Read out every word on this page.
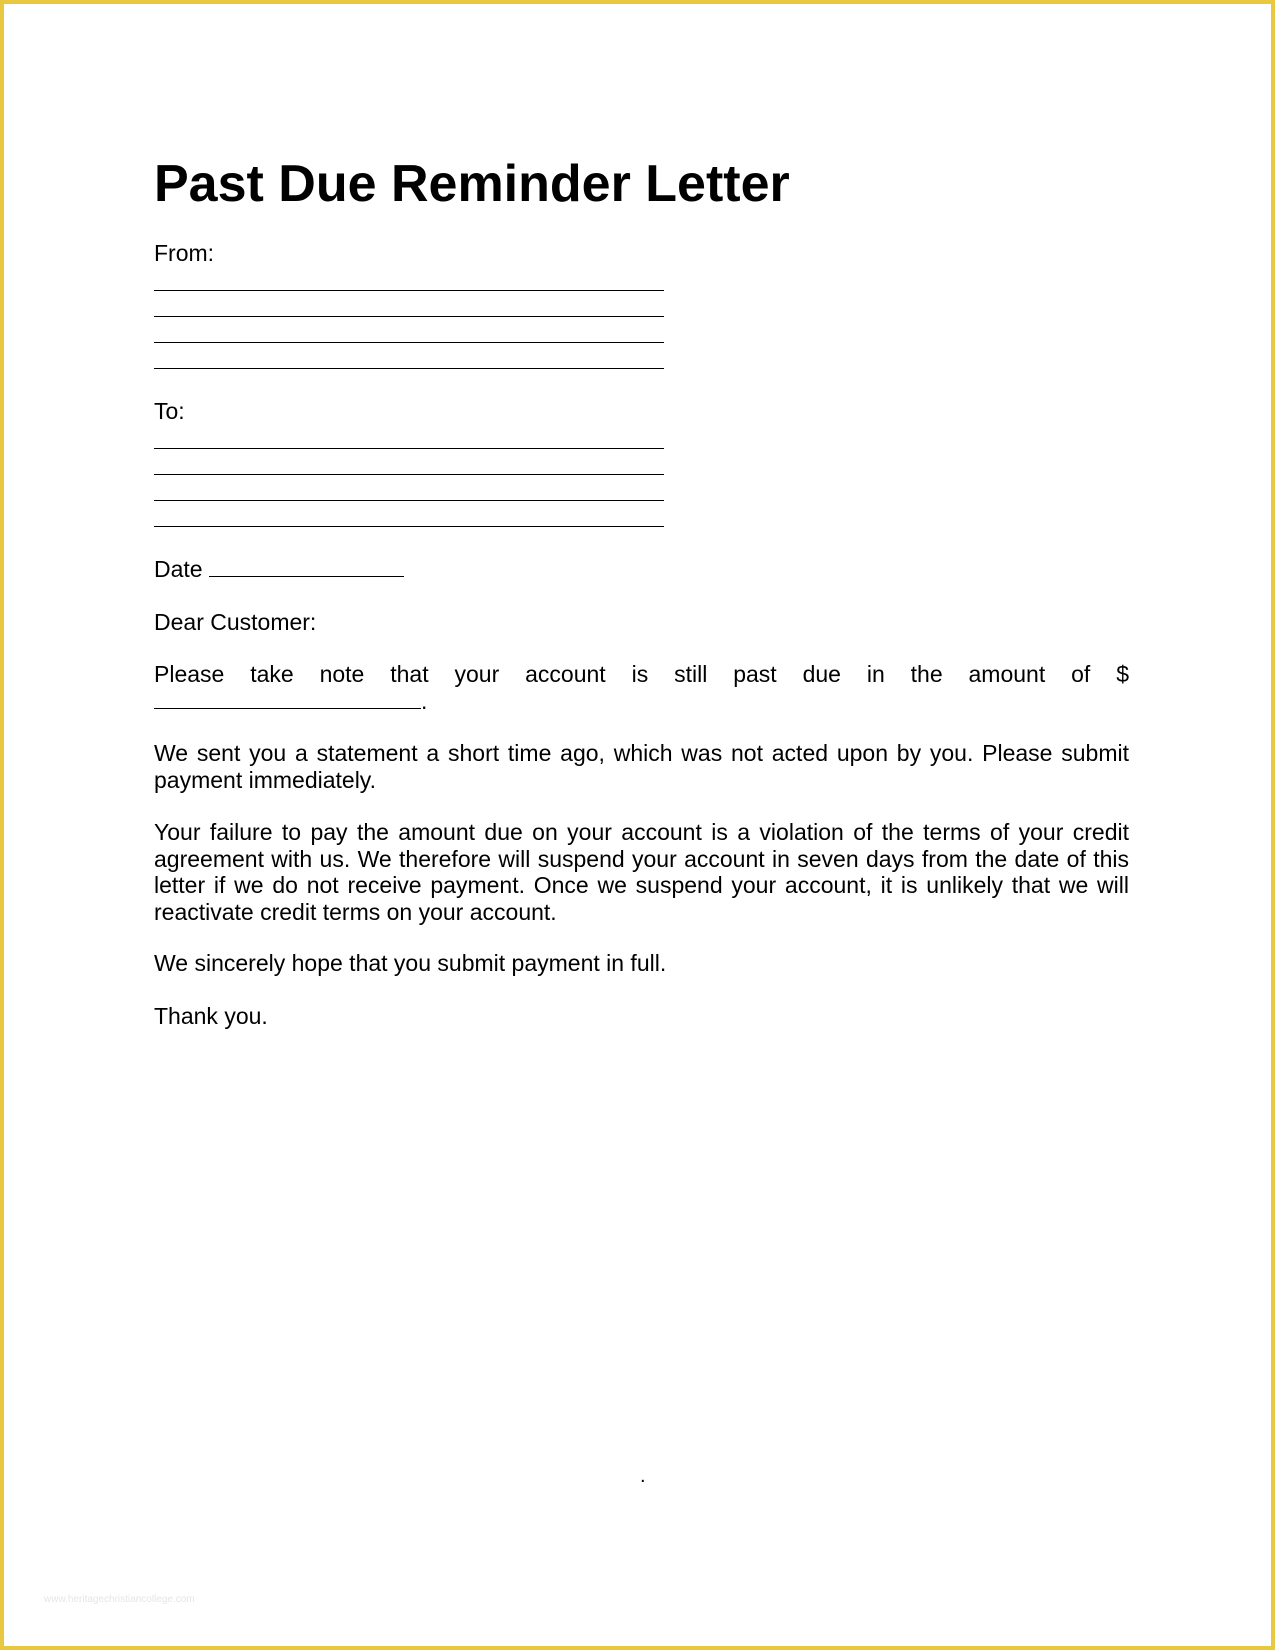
Past Due Reminder Letter

From:

To:

Date

Dear Customer:

Please take note that your account is still past due in the amount of $
.

We sent you a statement a short time ago, which was not acted upon by you. Please submit payment immediately.

Your failure to pay the amount due on your account is a violation of the terms of your credit agreement with us. We therefore will suspend your account in seven days from the date of this letter if we do not receive payment. Once we suspend your account, it is unlikely that we will reactivate credit terms on your account.

We sincerely hope that you submit payment in full.

Thank you.

.
www.heritagechristiancollege.com
